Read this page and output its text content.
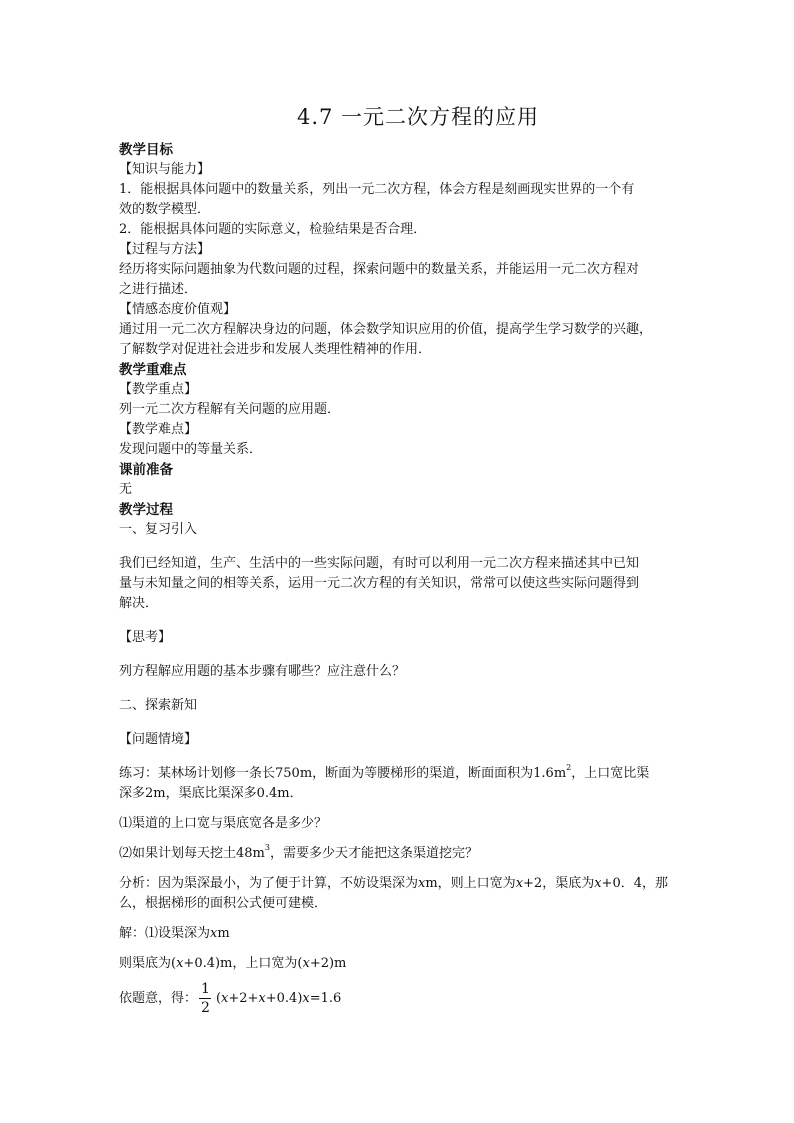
4.7 一元二次方程的应用

教学目标

【知识与能力】

1．能根据具体问题中的数量关系，列出一元二次方程，体会方程是刻画现实世界的一个有

效的数学模型．

2．能根据具体问题的实际意义，检验结果是否合理．

【过程与方法】

经历将实际问题抽象为代数问题的过程，探索问题中的数量关系，并能运用一元二次方程对

之进行描述．

【情感态度价值观】

通过用一元二次方程解决身边的问题，体会数学知识应用的价值，提高学生学习数学的兴趣，

了解数学对促进社会进步和发展人类理性精神的作用．

教学重难点

【教学重点】

列一元二次方程解有关问题的应用题．

【教学难点】

发现问题中的等量关系．

课前准备

无

教学过程

一、复习引入

我们已经知道，生产、生活中的一些实际问题，有时可以利用一元二次方程来描述其中已知

量与未知量之间的相等关系，运用一元二次方程的有关知识，常常可以使这些实际问题得到

解决．

【思考】

列方程解应用题的基本步骤有哪些？应注意什么？

二、探索新知

【问题情境】

练习：某林场计划修一条长750m，断面为等腰梯形的渠道，断面面积为$1.6m^2$，上口宽比渠

深多2m，渠底比渠深多0.4m．

⑴渠道的上口宽与渠底宽各是多少？

⑵如果计划每天挖土$48m^3$，需要多少天才能把这条渠道挖完？

分析：因为渠深最小，为了便于计算，不妨设渠深为xm，则上口宽为x+2，渠底为x+0．4，那

么，根据梯形的面积公式便可建模．

解：⑴设渠深为xm

则渠底为(x+0.4)m，上口宽为(x+2)m

依题意，得： $\frac{1}{2} (x+2+x+0.4)x=1.6$
